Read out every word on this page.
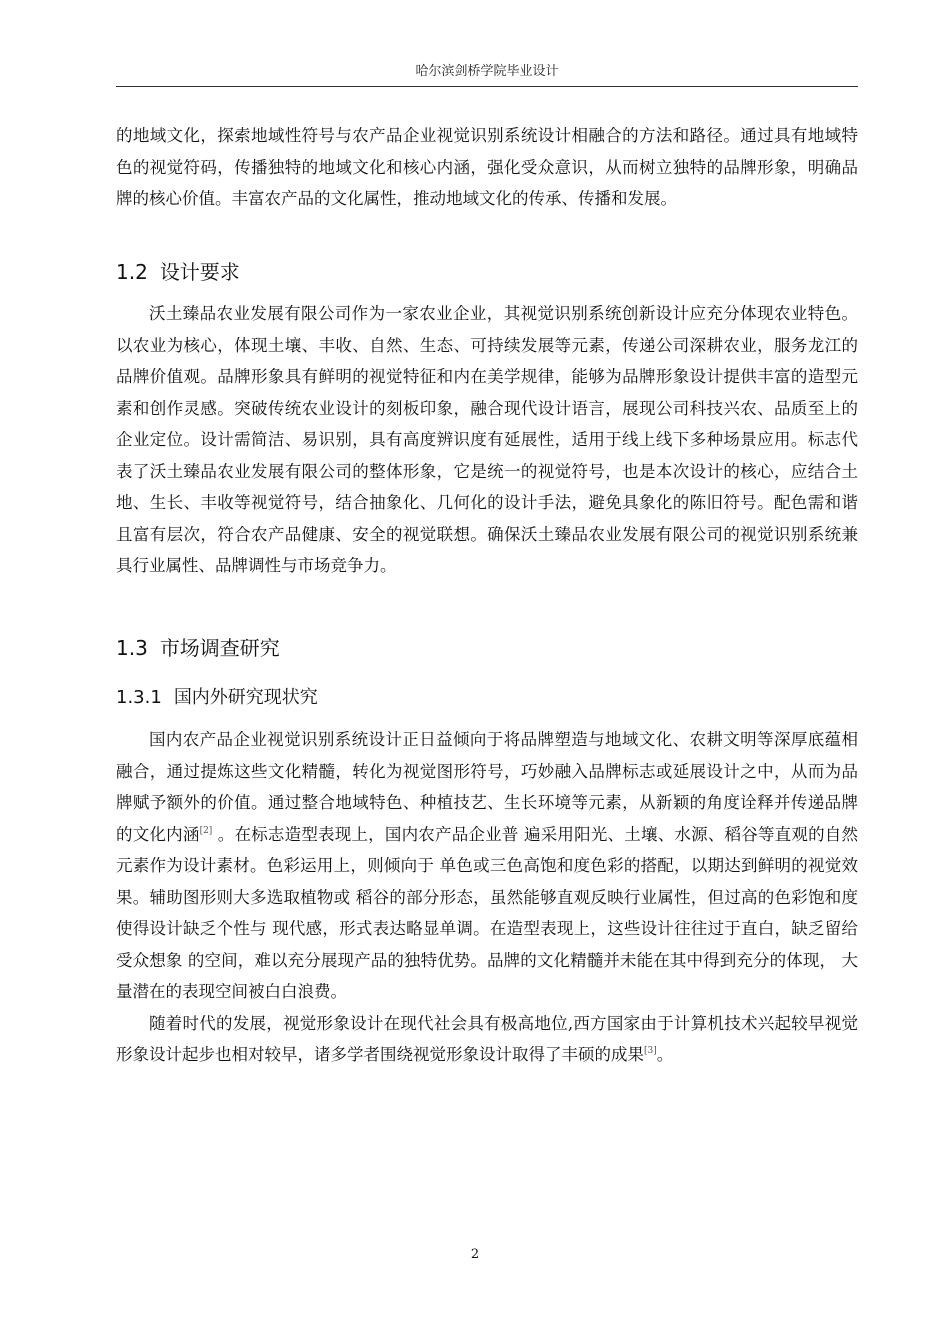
哈尔滨剑桥学院毕业设计

的地域文化，探索地域性符号与农产品企业视觉识别系统设计相融合的方法和路径。通过具有地域特色的视觉符码，传播独特的地域文化和核心内涵，强化受众意识，从而树立独特的品牌形象，明确品牌的核心价值。丰富农产品的文化属性，推动地域文化的传承、传播和发展。

1.2 设计要求

沃土臻品农业发展有限公司作为一家农业企业，其视觉识别系统创新设计应充分体现农业特色。以农业为核心，体现土壤、丰收、自然、生态、可持续发展等元素，传递公司深耕农业，服务龙江的品牌价值观。品牌形象具有鲜明的视觉特征和内在美学规律，能够为品牌形象设计提供丰富的造型元素和创作灵感。突破传统农业设计的刻板印象，融合现代设计语言，展现公司科技兴农、品质至上的企业定位。设计需简洁、易识别，具有高度辨识度有延展性，适用于线上线下多种场景应用。标志代表了沃土臻品农业发展有限公司的整体形象，它是统一的视觉符号，也是本次设计的核心，应结合土地、生长、丰收等视觉符号，结合抽象化、几何化的设计手法，避免具象化的陈旧符号。配色需和谐且富有层次，符合农产品健康、安全的视觉联想。确保沃土臻品农业发展有限公司的视觉识别系统兼具行业属性、品牌调性与市场竞争力。

1.3 市场调查研究
1.3.1 国内外研究现状究

国内农产品企业视觉识别系统设计正日益倾向于将品牌塑造与地域文化、农耕文明等深厚底蕴相融合，通过提炼这些文化精髓，转化为视觉图形符号，巧妙融入品牌标志或延展设计之中，从而为品牌赋予额外的价值。通过整合地域特色、种植技艺、生长环境等元素，从新颖的角度诠释并传递品牌的文化内涵[2] 。在标志造型表现上，国内农产品企业普 遍采用阳光、土壤、水源、稻谷等直观的自然元素作为设计素材。色彩运用上，则倾向于 单色或三色高饱和度色彩的搭配，以期达到鲜明的视觉效果。辅助图形则大多选取植物或 稻谷的部分形态，虽然能够直观反映行业属性，但过高的色彩饱和度使得设计缺乏个性与 现代感，形式表达略显单调。在造型表现上，这些设计往往过于直白，缺乏留给受众想象 的空间，难以充分展现产品的独特优势。品牌的文化精髓并未能在其中得到充分的体现， 大量潜在的表现空间被白白浪费。

随着时代的发展，视觉形象设计在现代社会具有极高地位,西方国家由于计算机技术兴起较早视觉形象设计起步也相对较早，诸多学者围绕视觉形象设计取得了丰硕的成果[3]。

2
